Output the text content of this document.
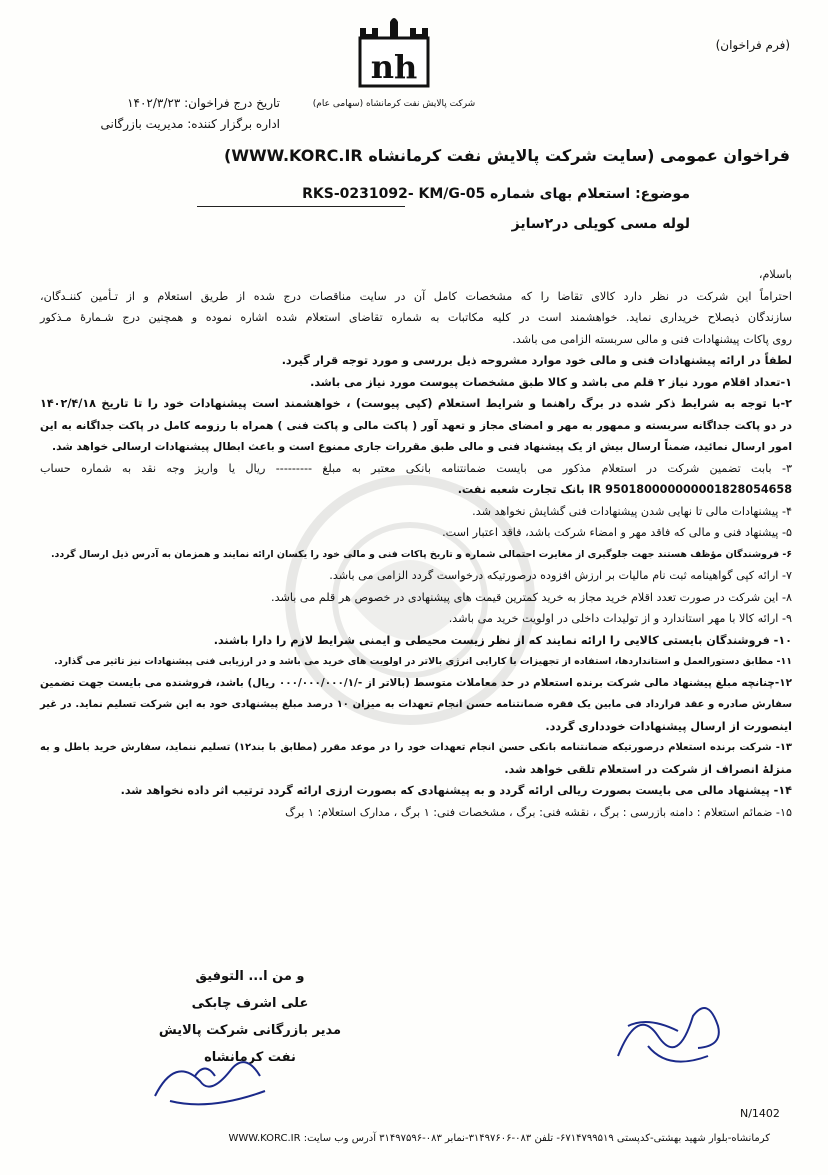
(فرم فراخوان)
nh
شرکت پالایش نفت کرمانشاه (سهامی عام)
تاریخ درج فراخوان: ۱۴۰۲/۳/۲۳
اداره برگزار کننده: مدیریت بازرگانی
فراخوان عمومی (سایت شرکت پالایش نفت کرمانشاه WWW.KORC.IR)
موضوع: استعلام بهای شماره RKS-0231092- KM/G-05
لوله مسی کویلی در۲سایز

باسلام،

احتراماً این شرکت در نظر دارد کالای تقاضا را که مشخصات کامل آن در سایت مناقصات درج شده از طریق استعلام و از تـأمین کننـدگان،

سازندگان ذیصلاح خریداری نماید. خواهشمند است در کلیه مکاتبات به شماره تقاضای استعلام شده اشاره نموده و همچنین درج شـمارهٔ مـذکور

روی پاکات پیشنهادات فنی و مالی سربسته الزامی می باشد.

لطفاً در ارائه پیشنهادات فنی و مالی خود موارد مشروحه ذیل بررسی و مورد توجه قرار گیرد.

۱-تعداد اقلام مورد نیاز ۲ قلم می باشد و کالا طبق مشخصات پیوست مورد نیاز می باشد.

۲-با توجه به شرایط ذکر شده در برگ راهنما و شرایط استعلام (کپی پیوست) ، خواهشمند است پیشنهادات خود را تا تاریخ ۱۴۰۲/۴/۱۸

در دو پاکت جداگانه سربسته و ممهور به مهر و امضای مجاز و تعهد آور ( پاکت مالی و پاکت فنی ) همراه با رزومه کامل در پاکت جداگانه به این

امور ارسال نمائید، ضمناً ارسال بیش از یک پیشنهاد فنی و مالی طبق مقررات جاری ممنوع است و باعث ابطال پیشنهادات ارسالی خواهد شد.

۳- بابت تضمین شرکت در استعلام مذکور می بایست ضمانتنامه بانکی معتبر به مبلغ --------- ریال یا واریز وجه نقد به شماره حساب

IR 950180000000001828054658 بانک تجارت شعبه نفت.

۴- پیشنهادات مالی تا نهایی شدن پیشنهادات فنی گشایش نخواهد شد.

۵- پیشنهاد فنی و مالی که فاقد مهر و امضاء شرکت باشد، فاقد اعتبار است.

۶- فروشندگان مؤظف هستند جهت جلوگیری از مغایرت احتمالی شماره و تاریخ پاکات فنی و مالی خود را یکسان ارائه نمایند و همزمان به آدرس ذیل ارسال گردد.

۷- ارائه کپی گواهینامه ثبت نام مالیات بر ارزش افزوده درصورتیکه درخواست گردد الزامی می باشد.

۸- این شرکت در صورت تعدد اقلام خرید مجاز به خرید کمترین قیمت های پیشنهادی در خصوص هر قلم می باشد.

۹- ارائه کالا با مهر استاندارد و از تولیدات داخلی در اولویت خرید می باشد.

۱۰- فروشندگان بایستی کالایی را ارائه نمایند که از نظر زیست محیطی و ایمنی شرایط لازم را دارا باشند.

۱۱- مطابق دستورالعمل و استانداردها، استفاده از تجهیزات با کارایی انرژی بالاتر در اولویت های خرید می باشد و در ارزیابی فنی پیشنهادات نیز تاثیر می گذارد.

۱۲-چنانچه مبلغ پیشنهاد مالی شرکت برنده استعلام در حد معاملات متوسط (بالاتر از -/۰۰۰/۰۰۰/۰۰۰/۱ ریال) باشد، فروشنده می بایست جهت تضمین

سفارش صادره و عقد قرارداد فی مابین یک فقره ضمانتنامه حسن انجام تعهدات به میزان ۱۰ درصد مبلغ پیشنهادی خود به این شرکت تسلیم نماید. در غیر

اینصورت از ارسال پیشنهادات خودداری گردد.

۱۳- شرکت برنده استعلام درصورتیکه ضمانتنامه بانکی حسن انجام تعهدات خود را در موعد مقرر (مطابق با بند۱۲) تسلیم ننماید، سفارش خرید باطل و به

منزلهٔ انصراف از شرکت در استعلام تلقی خواهد شد.

۱۴- پیشنهاد مالی می بایست بصورت ریالی ارائه گردد و به پیشنهادی که بصورت ارزی ارائه گردد ترتیب اثر داده نخواهد شد.

۱۵- ضمائم استعلام : دامنه بازرسی : برگ ، نقشه فنی: برگ ، مشخصات فنی: ۱ برگ ، مدارک استعلام: ۱ برگ

و من ا... التوفیق

علی اشرف چابکی

مدیر بازرگانی شرکت پالایش نفت کرمانشاه

N/1402
کرمانشاه-بلوار شهید بهشتی-کدپستی ۶۷۱۴۷۹۹۵۱۹- تلفن ۰۸۳-۳۱۴۹۷۶۰۶-نمابر ۰۸۳-۳۱۴۹۷۵۹۶ آدرس وب سایت: WWW.KORC.IR
